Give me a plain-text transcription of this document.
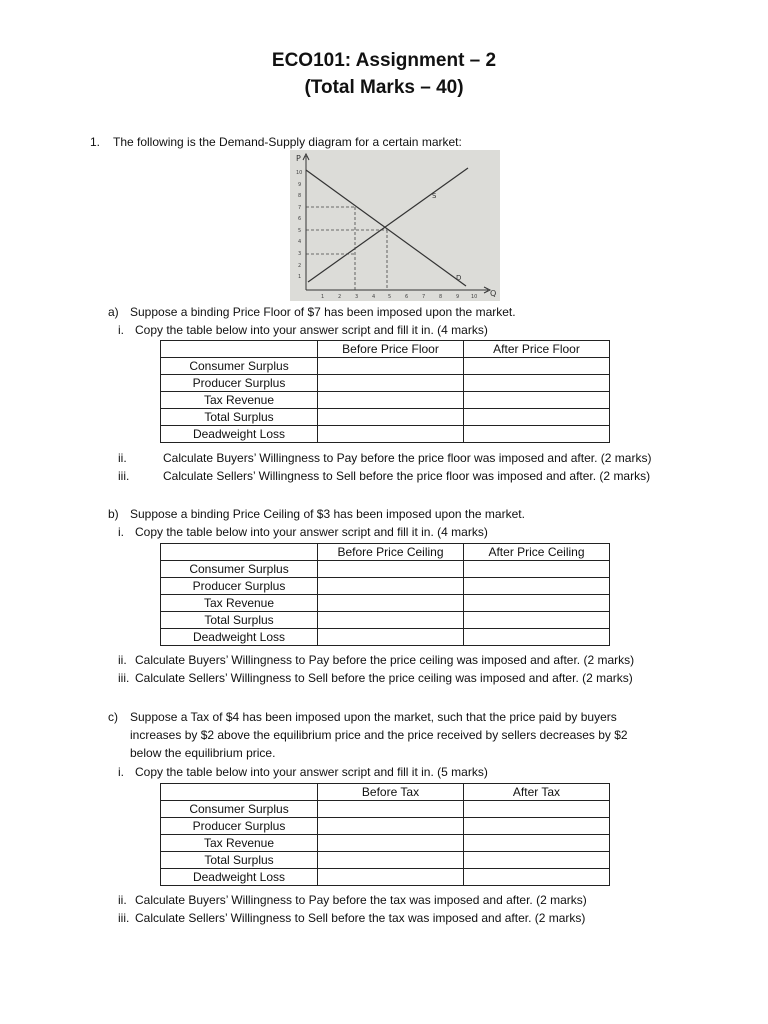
ECO101: Assignment – 2
(Total Marks – 40)
1. The following is the Demand-Supply diagram for a certain market:
P
Q
10
9
8
7
6
5
4
3
2
1
1	2	3	4	5	6	7	8	9 10
S
D
a) Suppose a binding Price Floor of $7 has been imposed upon the market.
i. Copy the table below into your answer script and fill it in. (4 marks)
	Before Price Floor	After Price Floor
Consumer Surplus		
Producer Surplus		
Tax Revenue		
Total Surplus		
Deadweight Loss		
ii.	Calculate Buyers’ Willingness to Pay before the price floor was imposed and after. (2 marks)
iii.	Calculate Sellers’ Willingness to Sell before the price floor was imposed and after. (2 marks)
b) Suppose a binding Price Ceiling of $3 has been imposed upon the market.
i. Copy the table below into your answer script and fill it in. (4 marks)
	Before Price Ceiling	After Price Ceiling
Consumer Surplus		
Producer Surplus		
Tax Revenue		
Total Surplus		
Deadweight Loss		
ii. Calculate Buyers’ Willingness to Pay before the price ceiling was imposed and after. (2 marks)
iii. Calculate Sellers’ Willingness to Sell before the price ceiling was imposed and after. (2 marks)
c) Suppose a Tax of $4 has been imposed upon the market, such that the price paid by buyers
increases by $2 above the equilibrium price and the price received by sellers decreases by $2
below the equilibrium price.
i. Copy the table below into your answer script and fill it in. (5 marks)
	Before Tax	After Tax
Consumer Surplus		
Producer Surplus		
Tax Revenue		
Total Surplus		
Deadweight Loss		
ii. Calculate Buyers’ Willingness to Pay before the tax was imposed and after. (2 marks)
iii. Calculate Sellers’ Willingness to Sell before the tax was imposed and after. (2 marks)
